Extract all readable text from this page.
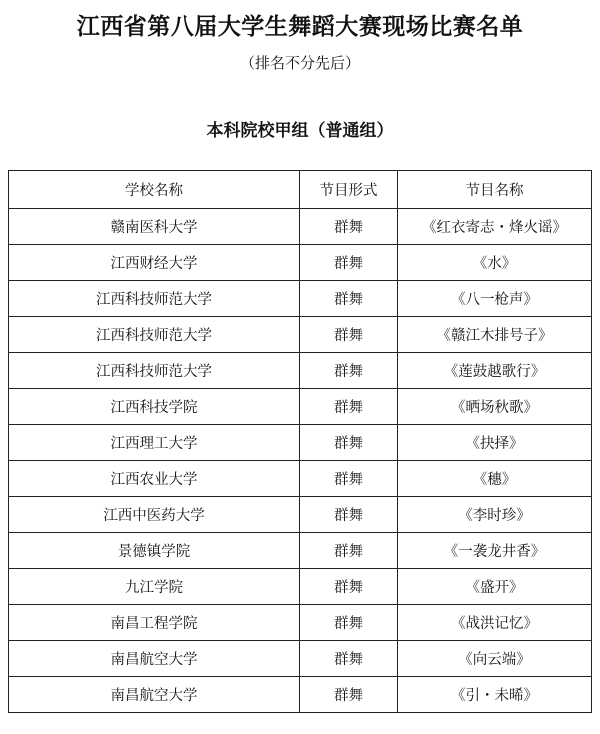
江西省第八届大学生舞蹈大赛现场比赛名单

（排名不分先后）

本科院校甲组（普通组）
学校名称	节目形式	节目名称
赣南医科大学	群舞	《红衣寄志・烽火谣》
江西财经大学	群舞	《水》
江西科技师范大学	群舞	《八一枪声》
江西科技师范大学	群舞	《赣江木排号子》
江西科技师范大学	群舞	《莲鼓越歌行》
江西科技学院	群舞	《晒场秋歌》
江西理工大学	群舞	《抉择》
江西农业大学	群舞	《穗》
江西中医药大学	群舞	《李时珍》
景德镇学院	群舞	《一袭龙井香》
九江学院	群舞	《盛开》
南昌工程学院	群舞	《战洪记忆》
南昌航空大学	群舞	《向云端》
南昌航空大学	群舞	《引・未晞》
